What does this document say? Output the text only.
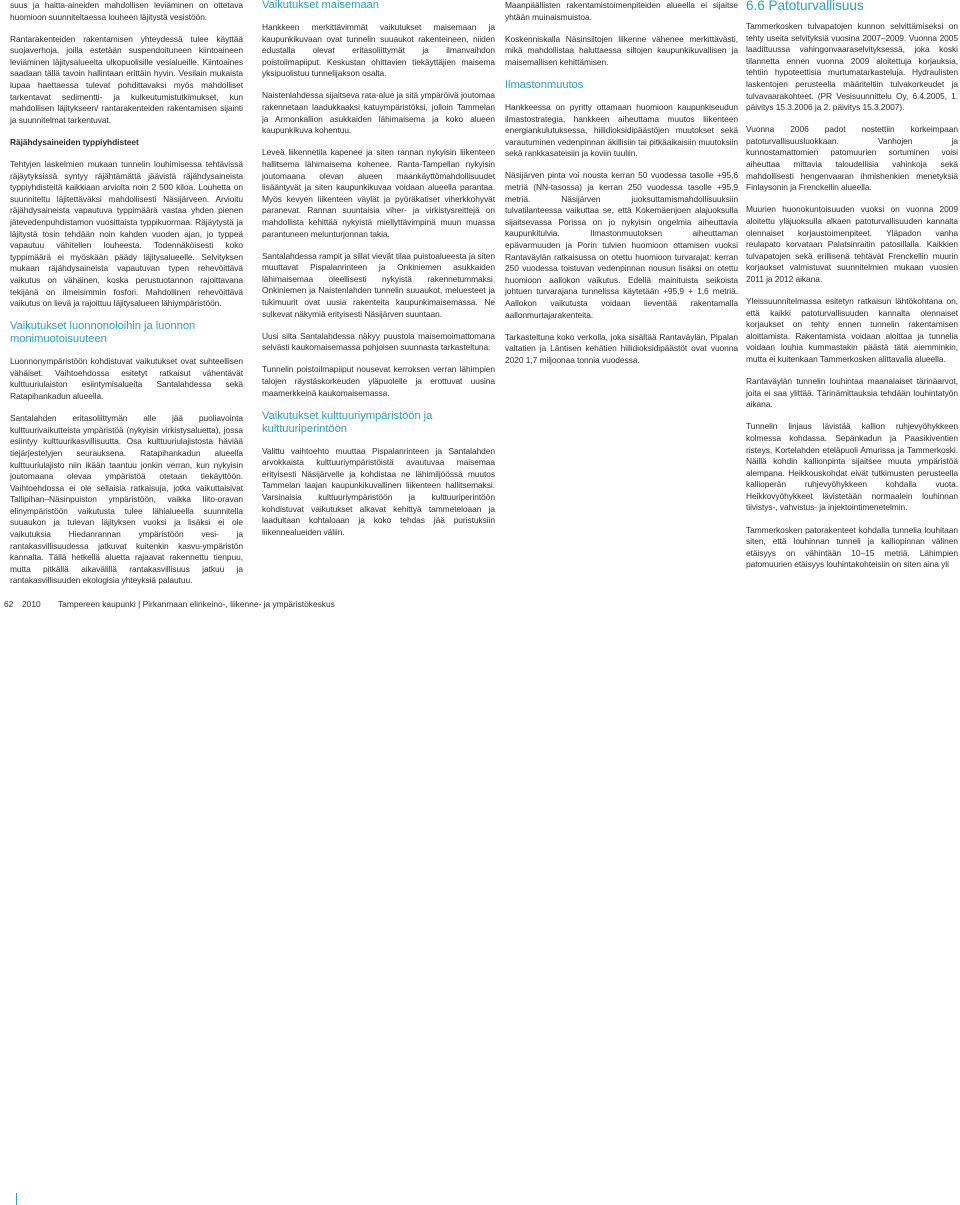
suus ja haitta-aineiden mahdollisen leviäminen on ottetava huomioon suunniteltaessa louheen läjitystä vesistöön.

Rantarakenteiden rakentamisen yhteydessä tulee käyttää suojaverhoja, joilla estetään suspendoituneen kiintoaineen leviäminen läjitysalueelta ulkopuolisille vesialueille. Kiintoaines saadaan tällä tavoin hallintaan erittäin hyvin. Vesilain mukaista lupaa haettaessa tulevat pohdittavaksi myös mahdolliset tarkentavat sedimentti- ja kulkeutumistutkimukset, kun mahdollisen läjitykseen/ rantarakenteiden rakentamisen sijainti ja suunnitelmat tarkentuvat.

Räjähdysaineiden typpiyhdisteet

Tehtyjen laskelmien mukaan tunnelin louhimisessa tehtävissä räjäytyksissä syntyy räjähtämättä jäävistä räjähdysaineista typpiyhdisteitä kaikkiaan arviolta noin 2 500 kiloa. Louhetta on suunniteltu läjitettäväksi mahdollisesti Näsijärveen. Arvioitu räjähdysaineista vapautuva typpimäärä vastaa yhden pienen jätevedenpuhdistamon vuosittaista typpikuormaa. Räjäytystä ja läjitystä tosin tehdään noin kahden vuoden ajan, jo typpeä vapautuu vähitellen louheesta. Todennäköisesti koko typpimäärä ei myöskään päädy läjitysalueelle. Selvityksen mukaan räjähdysaineista vapautuvan typen rehevöittävä vaikutus on vähäinen, koska perustuotannon rajoittavana tekijänä on ilmeisimmin fosfori. Mahdollinen rehevöittävä vaikutus on lievä ja rajoittuu läjitysalueen lähiympäristöön.

Vaikutukset luonnonoloihin ja luonnon monimuotoisuuteen

Luonnonympäristöön kohdistuvat vaikutukset ovat suhteellisen vähäiset. Vaihtoehdossa esitetyt ratkaisut vähentävät kulttuuriulaiston esiintymisalueita Santalahdessa sekä Ratapihankadun alueella.

Santalahden eritasoliittymän alle jää puoliavointa kulttuurivaikutteista ympäristöä (nykyisin virkistysaluetta), jossa esiintyy kulttuurikasvillisuutta. Osa kulttuuriulajistosta häviää tiejärjestelyjen seurauksena. Ratapihankadun alueella kulttuuriulajisto niin ikään taantuu jonkin verran, kun nykyisin joutomaana olevaa ympäristöä otetaan tiekäyttöön. Vaihtoehdossa ei ole sellaisia ratkaisuja, jotka vaikuttaisivat Tallipihan–Näsinpuiston ympäristöön, vaikka liito-oravan elinympäristöön vaikutusta tulee lähialueella suunnitella suuaukon ja tulevan läjityksen vuoksi ja lisäksi ei ole vaikutuksia Hiedanrannan ympäristöön vesi- ja rantakasvillisuudessa jatkuvat kuitenkin kasvu-ympäristön kannalta. Tällä hetkellä aluetta rajaavat rakennettu tienpuu, mutta pitkällä aikavälillä rantakasvillisuus jatkuu ja rantakasvillisuuden ekologisia yhteyksiä palautuu.

Vaikutukset maisemaan

Hankkeen merkittävimmät vaikutukset maisemaan ja kaupunkikuvaan ovat tunnelin suuaukot rakenteineen, niiden edustalla olevat eritasoliittymät ja ilmanvaihdon poistoilmapiiput. Keskustan ohittavien tiekäyttäjien maisema yksipuolistuu tunnelijakson osalta.

Naistenlahdessa sijaitseva rata-alue ja sitä ympäröivä joutomaa rakennetaan laadukkaaksi katuympäristöksi, jolloin Tammelan ja Armonkallion asukkaiden lähimaisema ja koko alueen kaupunkikuva kohentuu.

Leveä liikennetila kapenee ja siten rannan nykyisin liikenteen hallitsema lähimaisema kohenee. Ranta-Tampellan nykyisin joutomaana olevan alueen maankäyttömahdollisuudet lisääntyvät ja siten kaupunkikuvaa voidaan alueella parantaa. Myös kevyen liikenteen väylät ja pyöräkatiset viherkkohyvät paranevat. Rannan suuntaisia viher- ja virkistysreittejä on mahdollista kehittää nykyistä miellyttävimpinä muun muassa parantuneen melunturjonnan takia.

Santalahdessa rampit ja sillat vievät tilaa puistoalueesta ja siten muuttavat Pispalanrinteen ja Onkiniemen asukkaiden lähimaisemaa oleellisesti nykyistä rakennetummaksi. Onkiniemen ja Naistenlahden tunnelin suuaukot, meluesteet ja tukimuurit ovat uusia rakenteita kaupunkimaisemassa. Ne sulkevat näkymiä erityisesti Näsijärven suuntaan.

Uusi silta Santalahdessa näkyy puustola maisemoimattomana selvästi kaukomaisemassa pohjoisen suunnasta tarkasteltuna.

Tunnelin poistoilmapiiput nousevat kerroksen verran lähimpien talojen räystäskorkeuden yläpuolelle ja erottuvat uusina maamerkkeinä kaukomaisemassa.

Vaikutukset kulttuuriympäristöön ja kulttuuriperintöön

Valittu vaihtoehto muuttaa Pispalanrinteen ja Santalahden arvokkaista kulttuuriympäristöistä avautuvaa maisemaa erityisesti Näsijärvelle ja kohdistaa ne lähimiljöössä muutos Tammelan laajan kaupunkikuvallinen liikenteen hallitsemaksi. Varsinaisia kulttuuriympäristöön ja kulttuuriperintöön kohdistuvat vaikutukset alkavat kehittyä tammeteloaan ja laadultaan kohtaloaan ja koko tehdas jää puristuksiin liikennealueiden väliin.

Maanpäällisten rakentamistoimenpiteiden alueella ei sijaitse yhtään muinaismuistoa.

Koskenniskalla Näsinsiltojen liikenne vähenee merkittävästi, mikä mahdollistaa haluttaessa siltojen kaupunkikuvallisen ja maisemallisen kehittämisen.

Ilmastonmuutos

Hankkeessa on pyritty ottamaan huomioon kaupunkiseudun ilmastostrategia, hankkeen aiheuttama muutos liikenteen energiankulutuksessa, hiilidioksidipäästöjen muutokset sekä varautuminen vedenpinnan äkillisiin tai pitkäaikaisiin muutoksiin sekä rankkasateisiin ja koviin tuuliin.

Näsijärven pinta voi nousta kerran 50 vuodessa tasolle +95,6 metriä (NN-tasossa) ja kerran 250 vuodessa tasolle +95,9 metriä. Näsijärven juoksuttamismahdollisuuksiin tulvatilanteessa vaikuttaa se, että Kokemäenjoen alajuoksulla sijaitsevassa Porissa on jo nykyisin ongelmia aiheuttavia kaupunkitulvia. Ilmastonmuutoksen aiheuttaman epävarmuuden ja Porin tulvien huomioon ottamisen vuoksi Rantaväylän ratkaisussa on otettu huomioon turvarajat: kerran 250 vuodessa toistuvan vedenpinnan nousun lisäksi on otettu huomioon aallokon vaikutus. Edellä mainituista seikoista johtuen turvarajana tunnelissa käytetään +95,9 + 1,6 metriä. Aallokon vaikutusta voidaan lieventää rakentamalla aallonmurtajarakenteita.

Tarkasteltuna koko verkolla, joka sisältää Rantaväylän, Pipalan valtatien ja Läntisen kehätien hiilidioksidipäästöt ovat vuonna 2020 1,7 miljoonaa tonnia vuodessa.

6.6 Patoturvallisuus

Tammerkosken tulvapatojen kunnon selvittämiseksi on tehty useita selvityksiä vuosina 2007–2009. Vuonna 2005 laadittuussa vahingonvaaraselvityksessä, joka koski tilannetta ennen vuonna 2009 aloitettuja korjauksia, tehtiin hypoteettisia murtumatarkasteluja. Hydraulisten laskentojen perusteella määriteltiin tulvakorkeudet ja tulvavaarakohteet. (PR Vesisuunnittelu Oy, 6.4.2005, 1. päivitys 15.3.2006 ja 2. päivitys 15.3.2007).

Vuonna 2006 padot nostettiin korkeimpaan patoturvallisuusluokkaan. Vanhojen ja kunnostamattomien patomuurien sortuminen voisi aiheuttaa mittavia taloudellisia vahinkoja sekä mahdollisesti hengenvaaran ihmishenkien menetyksiä Finlaysonin ja Frenckellin alueella.

Muurien huonokuntoisuuden vuoksi on vuonna 2009 aloitettu yläjuoksulla alkaen patoturvallisuuden kannalta olennaiset korjaustoimenpiteet. Yläpadon vanha reulapato korvataan Palatsinraitin patosillalla. Kaikkien tulvapatojen sekä erillisenä tehtävät Frenckellin muurin korjaukset valmistuvat suunnitelmien mukaan vuosien 2011 ja 2012 aikana.

Yleissuunnitelmassa esitetyn ratkaisun lähtökohtana on, että kaikki patoturvallisuuden kannalta olennaiset korjaukset on tehty ennen tunnelin rakentamisen aloittamista. Rakentamista voidaan aloittaa ja tunnelia voidaan louhia kummastakin päästä tätä aiemminkin, mutta ei kuitenkaan Tammerkosken alittavalla alueella.

Rantaväylän tunnelin louhintaa maanalaiset tärinäarvot, joita ei saa ylittää. Tärinämittauksia tehdään louhintatyön aikana.

Tunnelin linjaus lävistää kallion ruhjevyöhykkeen kolmessa kohdassa. Sepänkadun ja Paasikiventien risteys, Kortelahden eteläpuoli Amurissa ja Tammerkoski. Näillä kohdin kallionpinta sijaitsee muuta ympäristöä alempana. Heikkouskohdat eivät tutkimusten perusteella kallioperän ruhjevyöhykkeen kohdalla vuota. Heikkovyöhykkeet lävistetään normaalein louhinnan tiivistys-, vahvistus- ja injektointimenetelmin.

Tammerkosken patorakenteet kohdalla tunnelia louhitaan siten, että louhinnan tunneli ja kalliopinnan välinen etäisyys on vähintään 10–15 metriä. Lähimpien patomuurien etäisyys louhintakohteisiin on siten aina yli

62 2010 Tampereen kaupunki | Pirkanmaan elinkeino-, liikenne- ja ympäristökeskus
